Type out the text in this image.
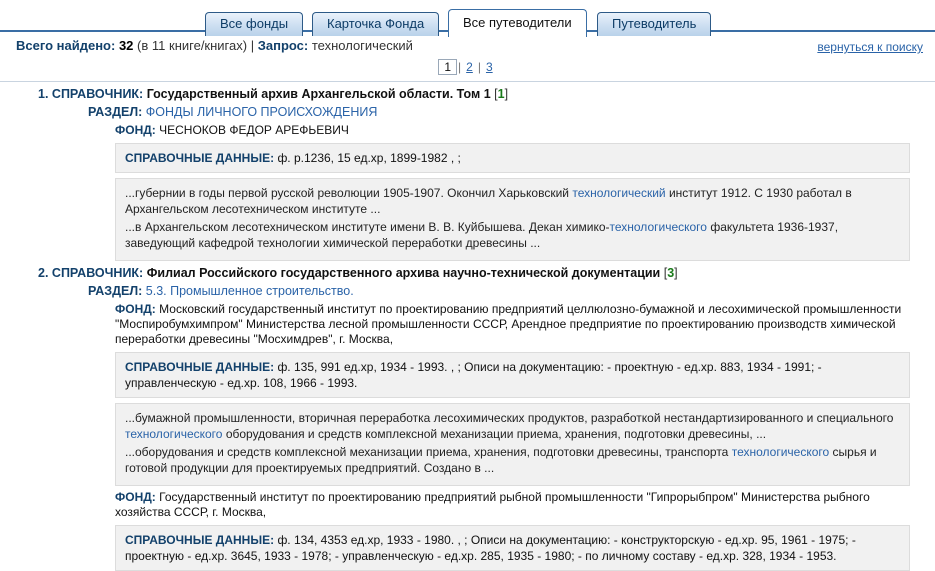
Все фонды	Карточка Фонда	Все путеводители	Путеводитель
Всего найдено: 32 (в 11 книге/книгах) | Запрос: технологический	вернуться к поиску
1 | 2 | 3
1. СПРАВОЧНИК: Государственный архив Архангельской области. Том 1 [1]
РАЗДЕЛ: ФОНДЫ ЛИЧНОГО ПРОИСХОЖДЕНИЯ
ФОНД: ЧЕСНОКОВ ФЕДОР АРЕФЬЕВИЧ
СПРАВОЧНЫЕ ДАННЫЕ: ф. р.1236, 15 ед.хр, 1899-1982 , ;
...губернии в годы первой русской революции 1905-1907. Окончил Харьковский технологический институт 1912. С 1930 работал в Архангельском лесотехническом институте ...
...в Архангельском лесотехническом институте имени В. В. Куйбышева. Декан химико-технологического факультета 1936-1937, заведующий кафедрой технологии химической переработки древесины ...
2. СПРАВОЧНИК: Филиал Российского государственного архива научно-технической документации [3]
РАЗДЕЛ: 5.3. Промышленное строительство.
ФОНД: Московский государственный институт по проектированию предприятий целлюлозно-бумажной и лесохимической промышленности "Моспиробумхимпром" Министерства лесной промышленности СССР, Арендное предприятие по проектированию производств химической переработки древесины "Мосхимдрев", г. Москва,
СПРАВОЧНЫЕ ДАННЫЕ: ф. 135, 991 ед.хр, 1934 - 1993. , ; Описи на документацию: - проектную - ед.хр. 883, 1934 - 1991; - управленческую - ед.хр. 108, 1966 - 1993.
...бумажной промышленности, вторичная переработка лесохимических продуктов, разработкой нестандартизированного и специального технологического оборудования и средств комплексной механизации приема, хранения, подготовки древесины, ...
...оборудования и средств комплексной механизации приема, хранения, подготовки древесины, транспорта технологического сырья и готовой продукции для проектируемых предприятий. Создано в ...
ФОНД: Государственный институт по проектированию предприятий рыбной промышленности "Гипрорыбпром" Министерства рыбного хозяйства СССР, г. Москва,
СПРАВОЧНЫЕ ДАННЫЕ: ф. 134, 4353 ед.хр, 1933 - 1980. , ; Описи на документацию: - конструкторскую - ед.хр. 95, 1961 - 1975; - проектную - ед.хр. 3645, 1933 - 1978; - управленческую - ед.хр. 285, 1935 - 1980; - по личному составу - ед.хр. 328, 1934 - 1953.
